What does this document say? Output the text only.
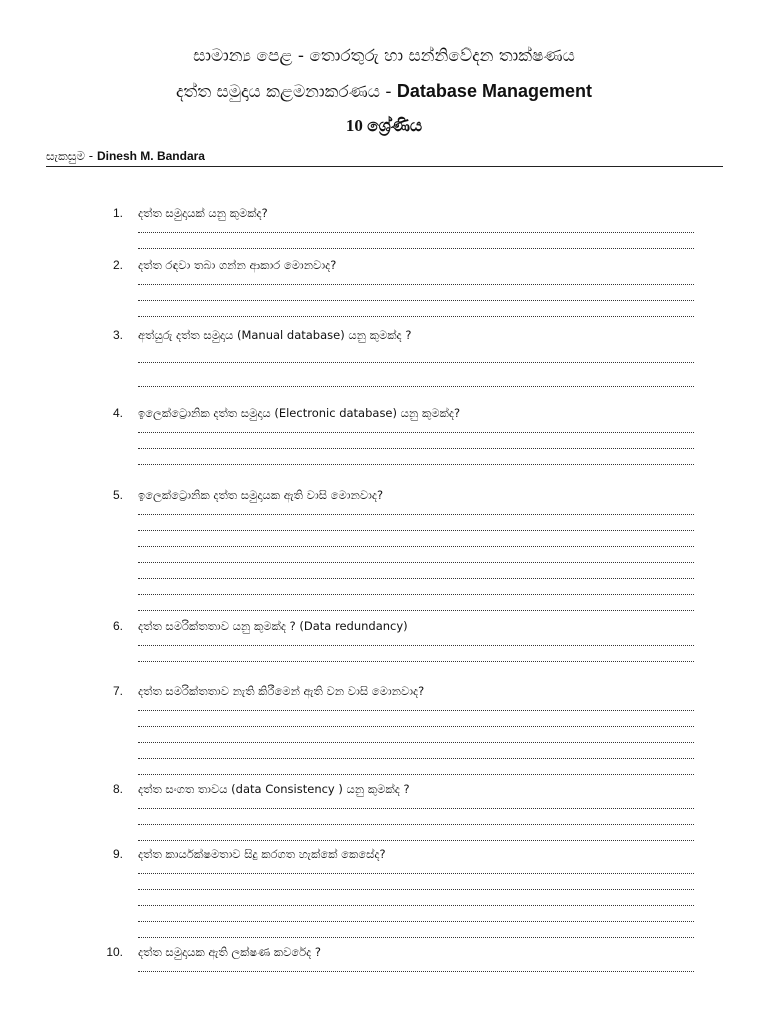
සාමාන්‍ය පෙළ - තොරතුරු හා සන්නිවේදන තාක්ෂණය
දත්ත සමුදාය කළමනාකරණය - Database Management
10 ශ්‍රේණිය
සැකසුම - Dinesh M. Bandara
1. දත්ත සමුදායක් යනු කුමක්ද?
2. දත්ත රඳවා තබා ගන්න ආකාර මොනවාද?
3. අත්යුරු දත්ත සමුදාය (Manual database) යනු කුමක්ද ?
4. ඉලෙක්ට්‍රොනික දත්ත සමුදාය (Electronic database) යනු කුමක්ද?
5. ඉලෙක්ට්‍රොනික දත්ත සමුදායක ඇති වාසි මොනවාද?
6. දත්ත සමරික්තතාව යනු කුමක්ද ? (Data redundancy)
7. දත්ත සමරික්තතාව නැති කිරීමෙන් ඇති වන වාසි මොනවාද?
8. දත්ත සංගත තාවය (data Consistency ) යනු කුමක්ද ?
9. දත්ත කාර්යක්ෂමතාව සිදු කරගත හැක්කේ කෙසේද?
10. දත්ත සමුදායක ඇති ලක්ෂණ කවරේද ?
